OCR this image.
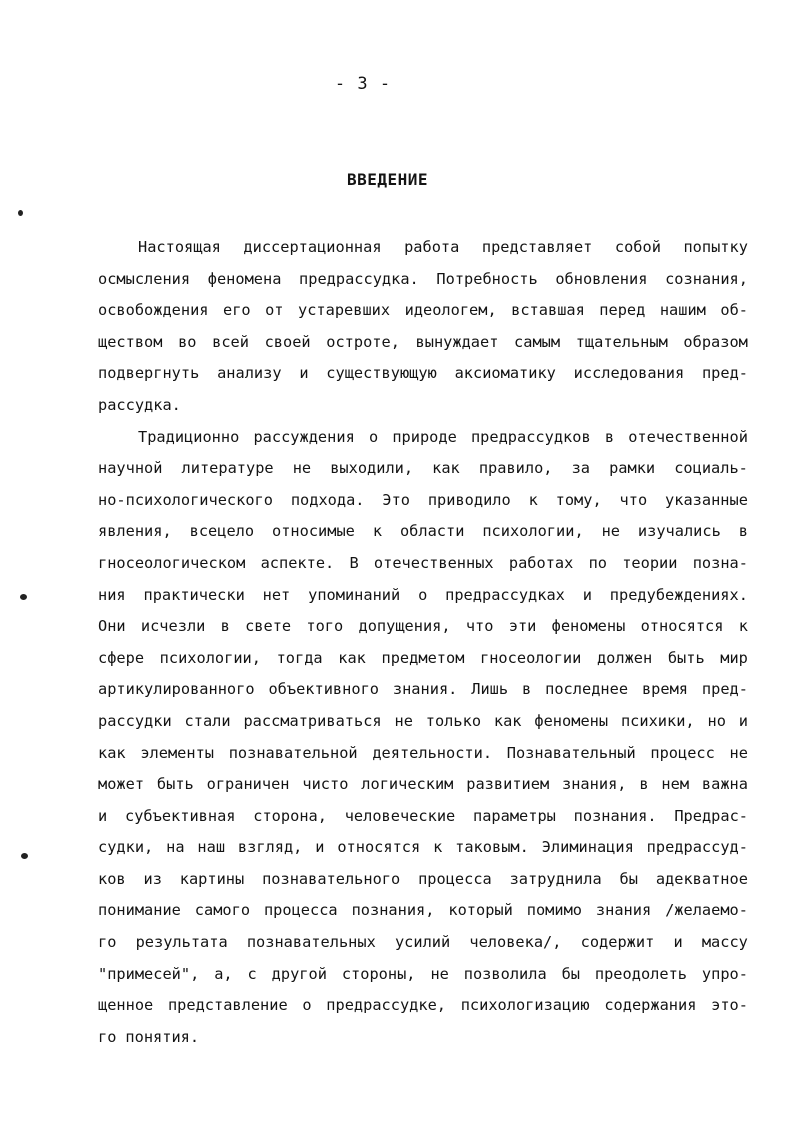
- 3 -
ВВЕДЕНИЕ
Настоящая диссертационная работа представляет собой попытку
осмысления феномена предрассудка. Потребность обновления сознания,
освобождения его от устаревших идеологем, вставшая перед нашим об-
ществом во всей своей остроте, вынуждает самым тщательным образом
подвергнуть анализу и существующую аксиоматику исследования пред-
рассудка.
Традиционно рассуждения о природе предрассудков в отечественной
научной литературе не выходили, как правило, за рамки социаль-
но-психологического подхода. Это приводило к тому, что указанные
явления, всецело относимые к области психологии, не изучались в
гносеологическом аспекте. В отечественных работах по теории позна-
ния практически нет упоминаний о предрассудках и предубеждениях.
Они исчезли в свете того допущения, что эти феномены относятся к
сфере психологии, тогда как предметом гносеологии должен быть мир
артикулированного объективного знания. Лишь в последнее время пред-
рассудки стали рассматриваться не только как феномены психики, но и
как элементы познавательной деятельности. Познавательный процесс не
может быть ограничен чисто логическим развитием знания, в нем важна
и субъективная сторона, человеческие параметры познания. Предрас-
судки, на наш взгляд, и относятся к таковым. Элиминация предрассуд-
ков из картины познавательного процесса затруднила бы адекватное
понимание самого процесса познания, который помимо знания /желаемо-
го результата познавательных усилий человека/, содержит и массу
"примесей", а, с другой стороны, не позволила бы преодолеть упро-
щенное представление о предрассудке, психологизацию содержания это-
го понятия.
